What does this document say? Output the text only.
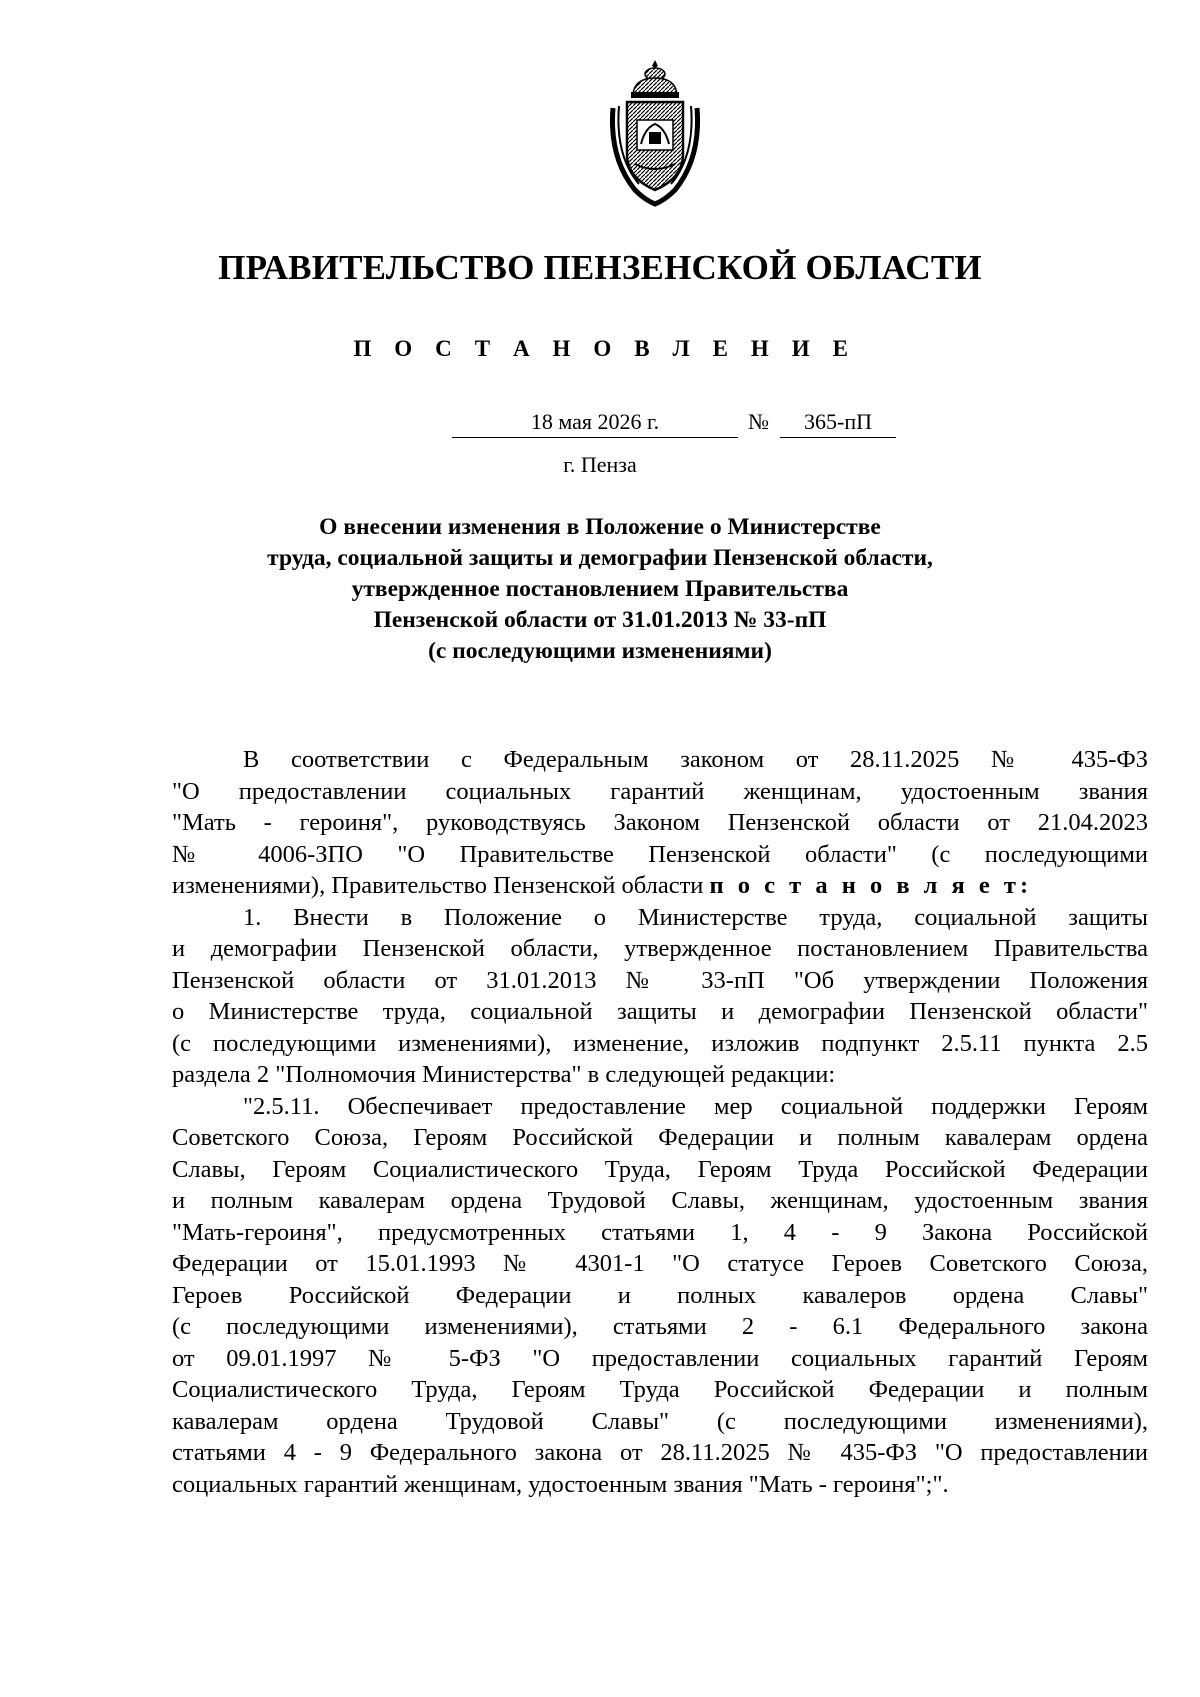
ПРАВИТЕЛЬСТВО ПЕНЗЕНСКОЙ ОБЛАСТИ
П О С Т А Н О В Л Е Н И Е
18 мая 2026 г.	№	365-пП
г. Пенза
О внесении изменения в Положение о Министерстве
труда, социальной защиты и демографии Пензенской области,
утвержденное постановлением Правительства
Пензенской области от 31.01.2013 № 33-пП
(с последующими изменениями)

В соответствии с Федеральным законом от 28.11.2025 № 435-ФЗ
"О предоставлении социальных гарантий женщинам, удостоенным звания
"Мать - героиня", руководствуясь Законом Пензенской области от 21.04.2023
№ 4006-ЗПО "О Правительстве Пензенской области" (с последующими
изменениями), Правительство Пензенской области п о с т а н о в л я е т:

1. Внести в Положение о Министерстве труда, социальной защиты
и демографии Пензенской области, утвержденное постановлением Правительства
Пензенской области от 31.01.2013 № 33-пП "Об утверждении Положения
о Министерстве труда, социальной защиты и демографии Пензенской области"
(с последующими изменениями), изменение, изложив подпункт 2.5.11 пункта 2.5
раздела 2 "Полномочия Министерства" в следующей редакции:

"2.5.11. Обеспечивает предоставление мер социальной поддержки Героям
Советского Союза, Героям Российской Федерации и полным кавалерам ордена
Славы, Героям Социалистического Труда, Героям Труда Российской Федерации
и полным кавалерам ордена Трудовой Славы, женщинам, удостоенным звания
"Мать-героиня", предусмотренных статьями 1, 4 - 9 Закона Российской
Федерации от 15.01.1993 № 4301-1 "О статусе Героев Советского Союза,
Героев Российской Федерации и полных кавалеров ордена Славы"
(с последующими изменениями), статьями 2 - 6.1 Федерального закона
от 09.01.1997 № 5-ФЗ "О предоставлении социальных гарантий Героям
Социалистического Труда, Героям Труда Российской Федерации и полным
кавалерам ордена Трудовой Славы" (с последующими изменениями),
статьями 4 - 9 Федерального закона от 28.11.2025 № 435-ФЗ "О предоставлении
социальных гарантий женщинам, удостоенным звания "Мать - героиня";".
